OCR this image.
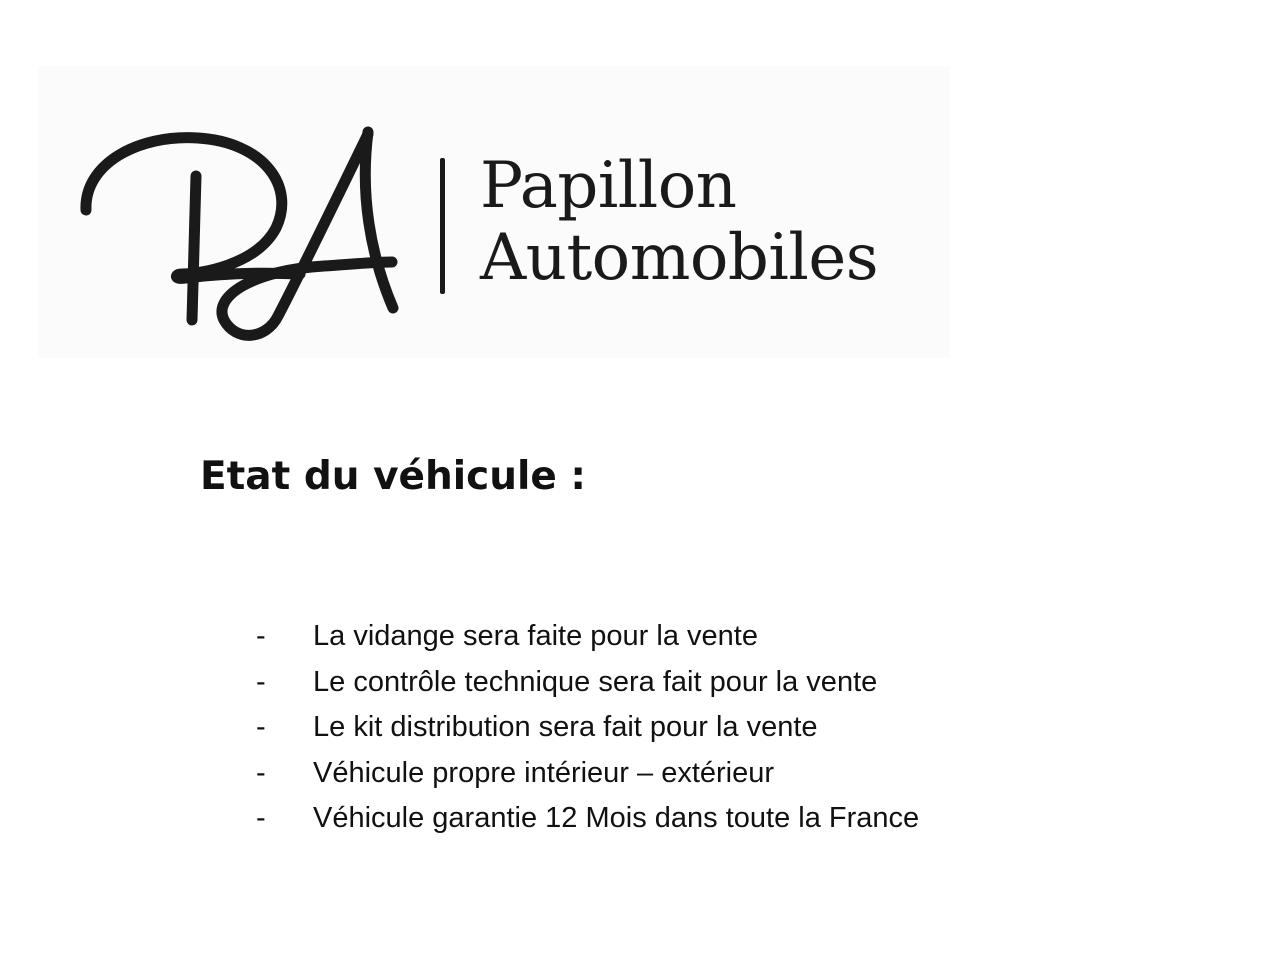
Papillon
Automobiles
Etat du véhicule :
- La vidange sera faite pour la vente
- Le contrôle technique sera fait pour la vente
- Le kit distribution sera fait pour la vente
- Véhicule propre intérieur – extérieur
- Véhicule garantie 12 Mois dans toute la France
